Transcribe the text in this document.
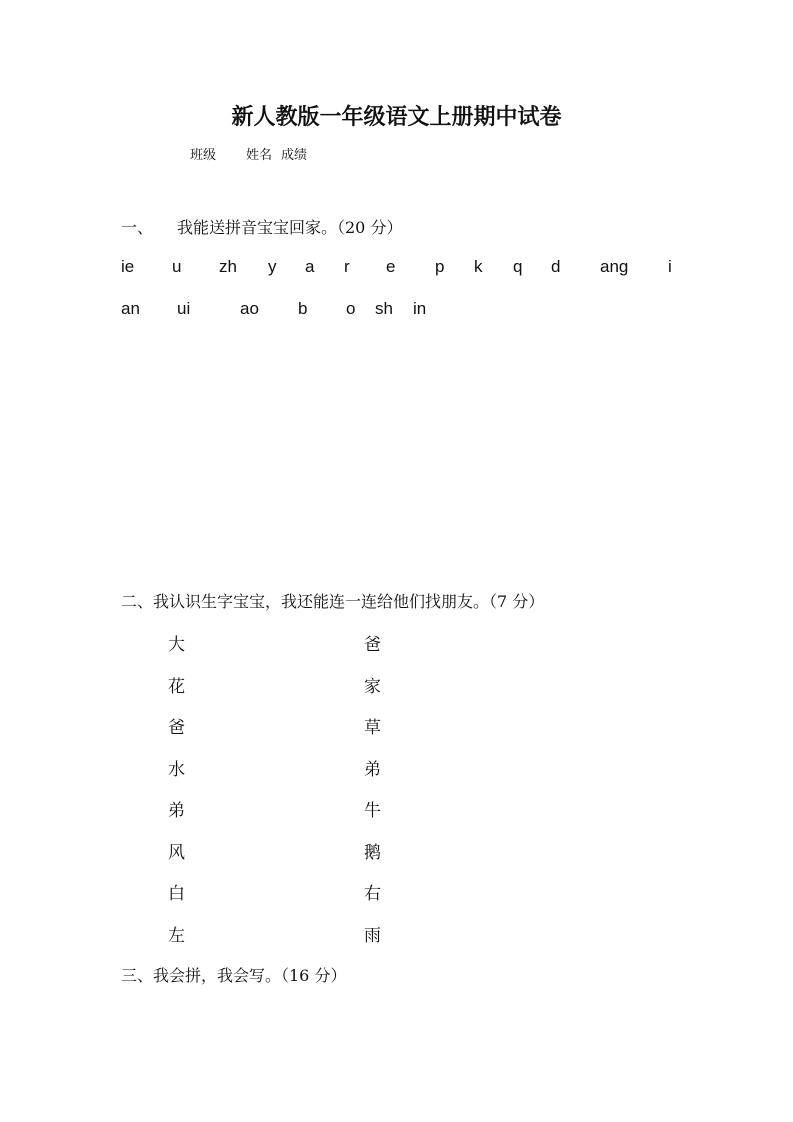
新人教版一年级语文上册期中试卷
班级 姓名 成绩
一、 我能送拼音宝宝回家。（20 分）
ie u zh y a r e p k q d ang i
an ui	ao b o sh in
二、我认识生字宝宝，我还能连一连给他们找朋友。（7 分）
大	爸
花	家
爸	草
水	弟
弟	牛
风	鹅
白	右
左	雨
三、我会拼，我会写。（16 分）
